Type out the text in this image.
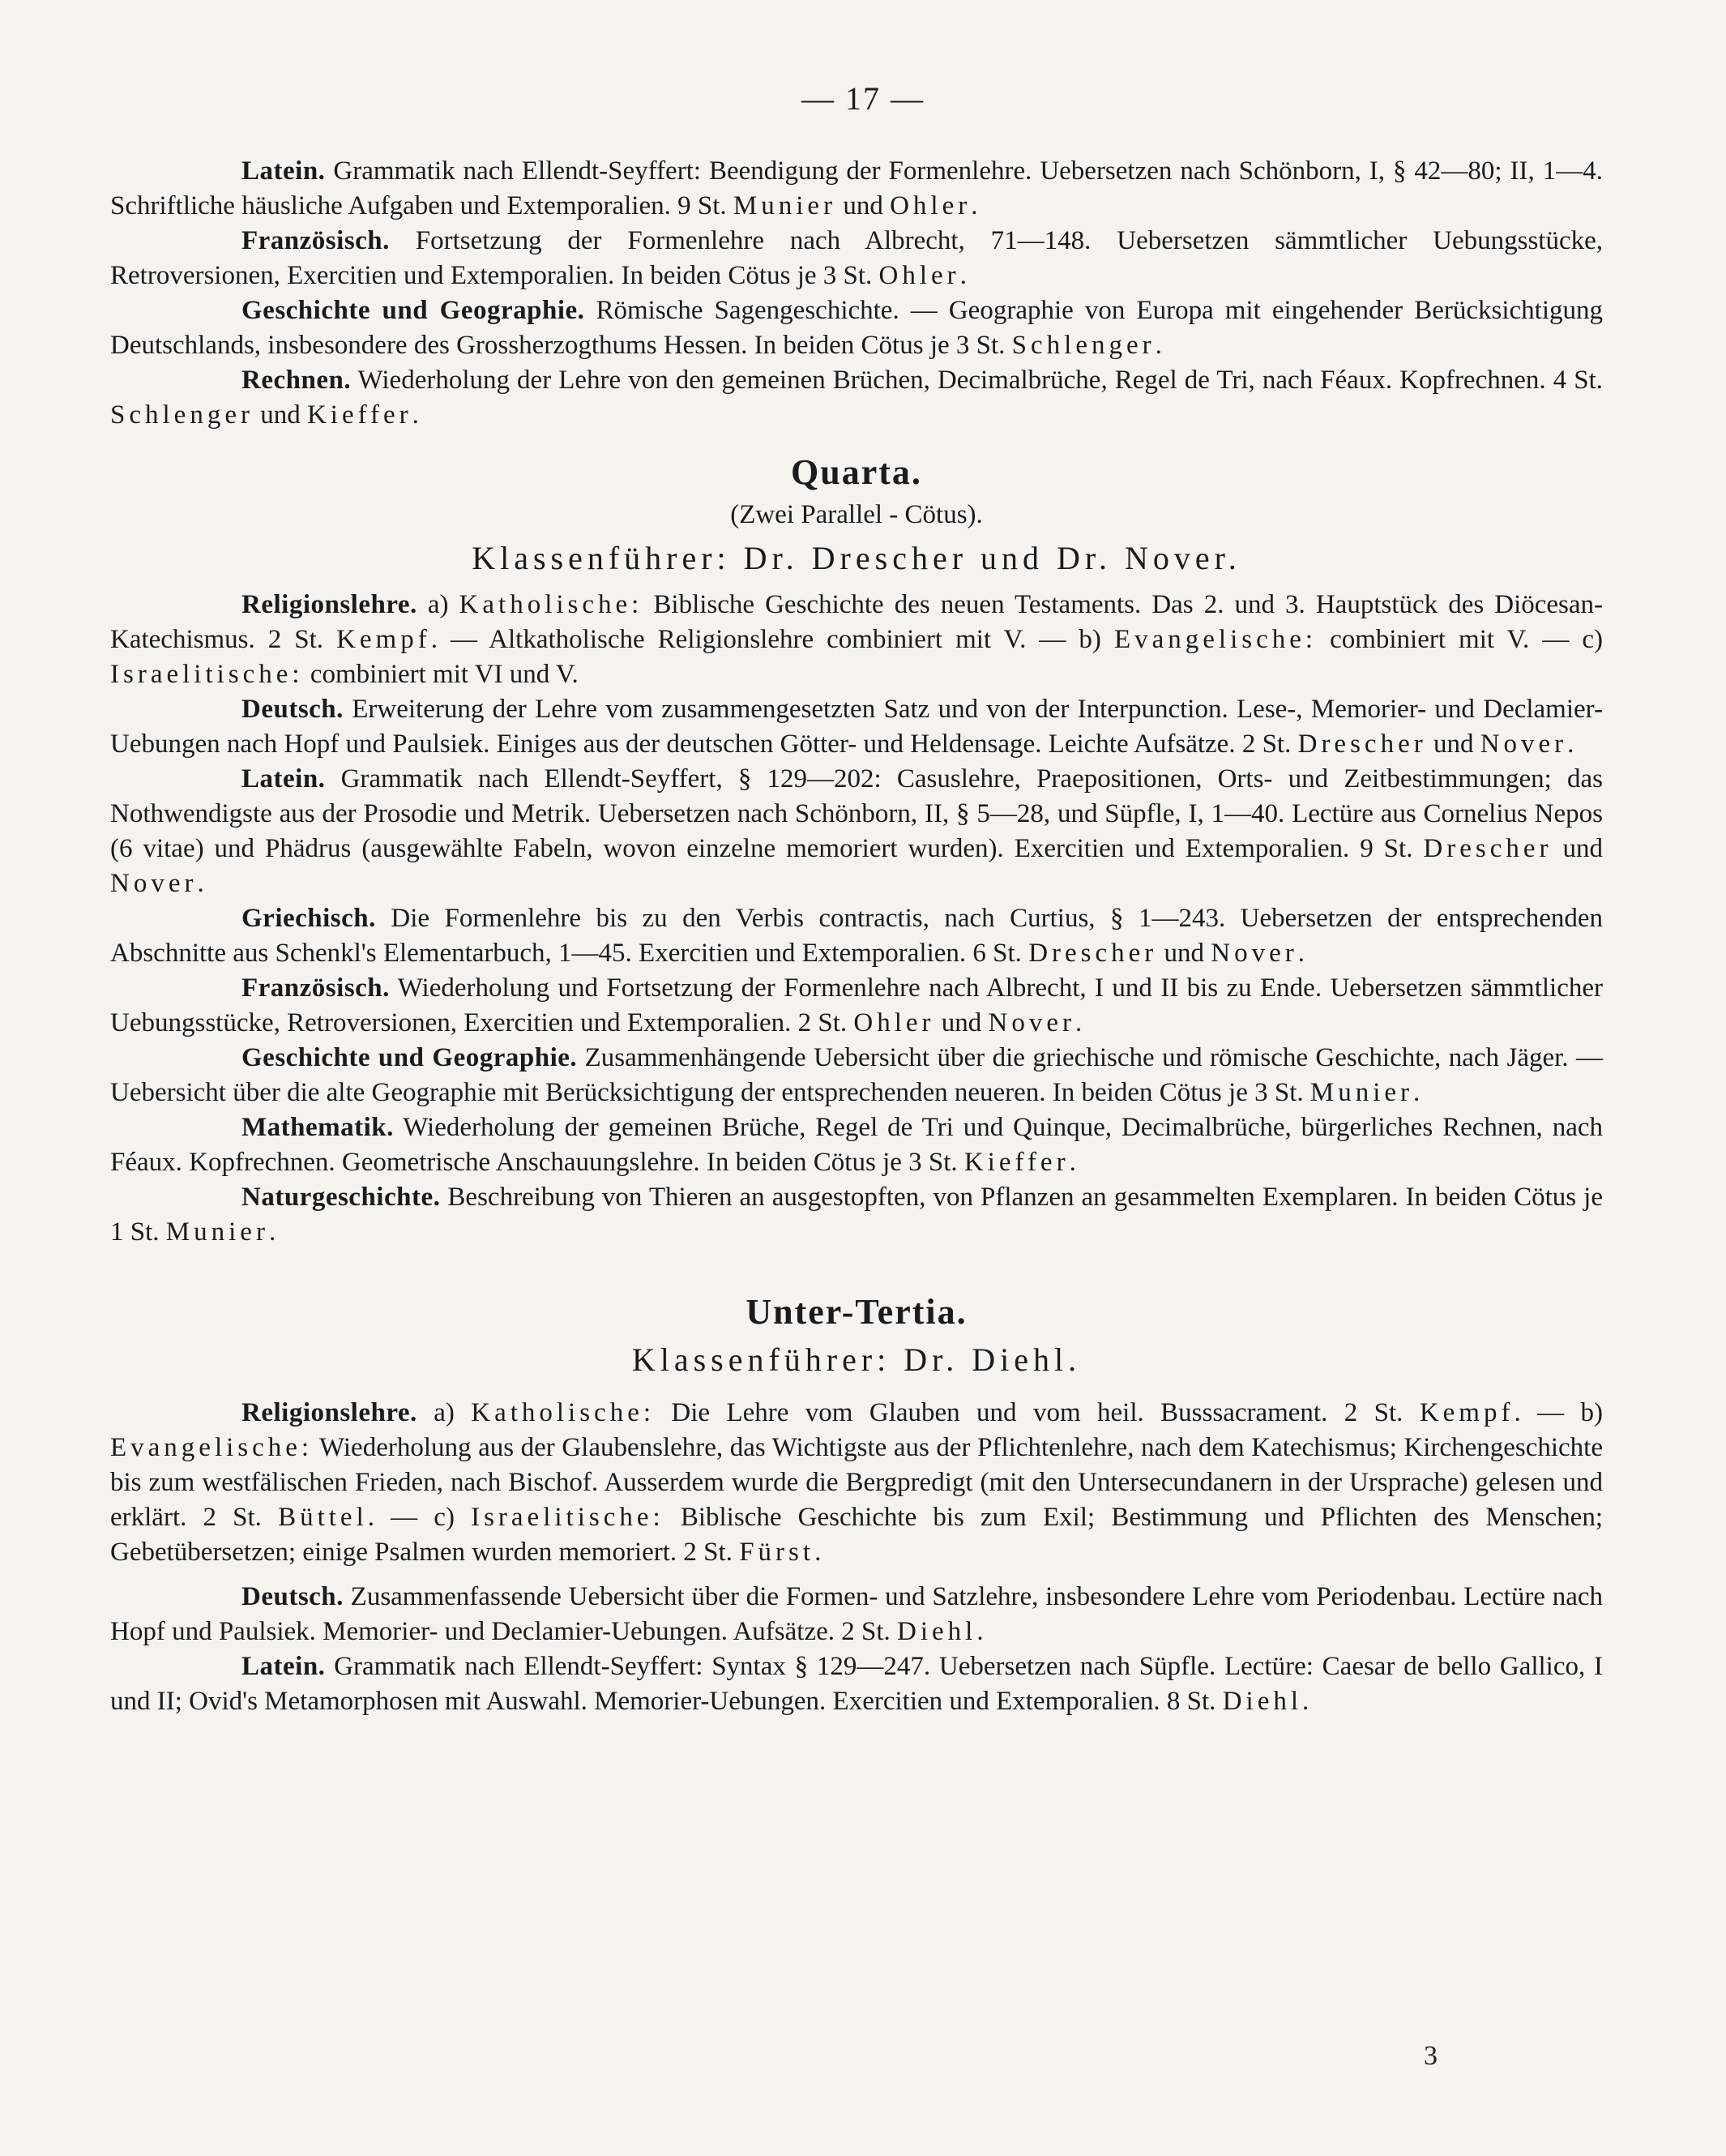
— 17 —

Latein. Grammatik nach Ellendt-Seyffert: Beendigung der Formenlehre. Uebersetzen nach Schönborn, I, § 42—80; II, 1—4. Schriftliche häusliche Aufgaben und Extemporalien. 9 St. Munier und Ohler.

Französisch. Fortsetzung der Formenlehre nach Albrecht, 71—148. Uebersetzen sämmtlicher Uebungsstücke, Retroversionen, Exercitien und Extemporalien. In beiden Cötus je 3 St. Ohler.

Geschichte und Geographie. Römische Sagengeschichte. — Geographie von Europa mit eingehender Berücksichtigung Deutschlands, insbesondere des Grossherzogthums Hessen. In beiden Cötus je 3 St. Schlenger.

Rechnen. Wiederholung der Lehre von den gemeinen Brüchen, Decimalbrüche, Regel de Tri, nach Féaux. Kopfrechnen. 4 St. Schlenger und Kieffer.

Quarta.

(Zwei Parallel - Cötus).

Klassenführer: Dr. Drescher und Dr. Nover.

Religionslehre. a) Katholische: Biblische Geschichte des neuen Testaments. Das 2. und 3. Hauptstück des Diöcesan-Katechismus. 2 St. Kempf. — Altkatholische Religionslehre combiniert mit V. — b) Evangelische: combiniert mit V. — c) Israelitische: combiniert mit VI und V.

Deutsch. Erweiterung der Lehre vom zusammengesetzten Satz und von der Interpunction. Lese-, Memorier- und Declamier-Uebungen nach Hopf und Paulsiek. Einiges aus der deutschen Götter- und Heldensage. Leichte Aufsätze. 2 St. Drescher und Nover.

Latein. Grammatik nach Ellendt-Seyffert, § 129—202: Casuslehre, Praepositionen, Orts- und Zeitbestimmungen; das Nothwendigste aus der Prosodie und Metrik. Uebersetzen nach Schönborn, II, § 5—28, und Süpfle, I, 1—40. Lectüre aus Cornelius Nepos (6 vitae) und Phädrus (ausgewählte Fabeln, wovon einzelne memoriert wurden). Exercitien und Extemporalien. 9 St. Drescher und Nover.

Griechisch. Die Formenlehre bis zu den Verbis contractis, nach Curtius, § 1—243. Uebersetzen der entsprechenden Abschnitte aus Schenkl's Elementarbuch, 1—45. Exercitien und Extemporalien. 6 St. Drescher und Nover.

Französisch. Wiederholung und Fortsetzung der Formenlehre nach Albrecht, I und II bis zu Ende. Uebersetzen sämmtlicher Uebungsstücke, Retroversionen, Exercitien und Extemporalien. 2 St. Ohler und Nover.

Geschichte und Geographie. Zusammenhängende Uebersicht über die griechische und römische Geschichte, nach Jäger. — Uebersicht über die alte Geographie mit Berücksichtigung der entsprechenden neueren. In beiden Cötus je 3 St. Munier.

Mathematik. Wiederholung der gemeinen Brüche, Regel de Tri und Quinque, Decimalbrüche, bürgerliches Rechnen, nach Féaux. Kopfrechnen. Geometrische Anschauungslehre. In beiden Cötus je 3 St. Kieffer.

Naturgeschichte. Beschreibung von Thieren an ausgestopften, von Pflanzen an gesammelten Exemplaren. In beiden Cötus je 1 St. Munier.

Unter-Tertia.

Klassenführer: Dr. Diehl.

Religionslehre. a) Katholische: Die Lehre vom Glauben und vom heil. Busssacrament. 2 St. Kempf. — b) Evangelische: Wiederholung aus der Glaubenslehre, das Wichtigste aus der Pflichtenlehre, nach dem Katechismus; Kirchengeschichte bis zum westfälischen Frieden, nach Bischof. Ausserdem wurde die Bergpredigt (mit den Untersecundanern in der Ursprache) gelesen und erklärt. 2 St. Büttel. — c) Israelitische: Biblische Geschichte bis zum Exil; Bestimmung und Pflichten des Menschen; Gebetübersetzen; einige Psalmen wurden memoriert. 2 St. Fürst.

Deutsch. Zusammenfassende Uebersicht über die Formen- und Satzlehre, insbesondere Lehre vom Periodenbau. Lectüre nach Hopf und Paulsiek. Memorier- und Declamier-Uebungen. Aufsätze. 2 St. Diehl.

Latein. Grammatik nach Ellendt-Seyffert: Syntax § 129—247. Uebersetzen nach Süpfle. Lectüre: Caesar de bello Gallico, I und II; Ovid's Metamorphosen mit Auswahl. Memorier-Uebungen. Exercitien und Extemporalien. 8 St. Diehl.

3
